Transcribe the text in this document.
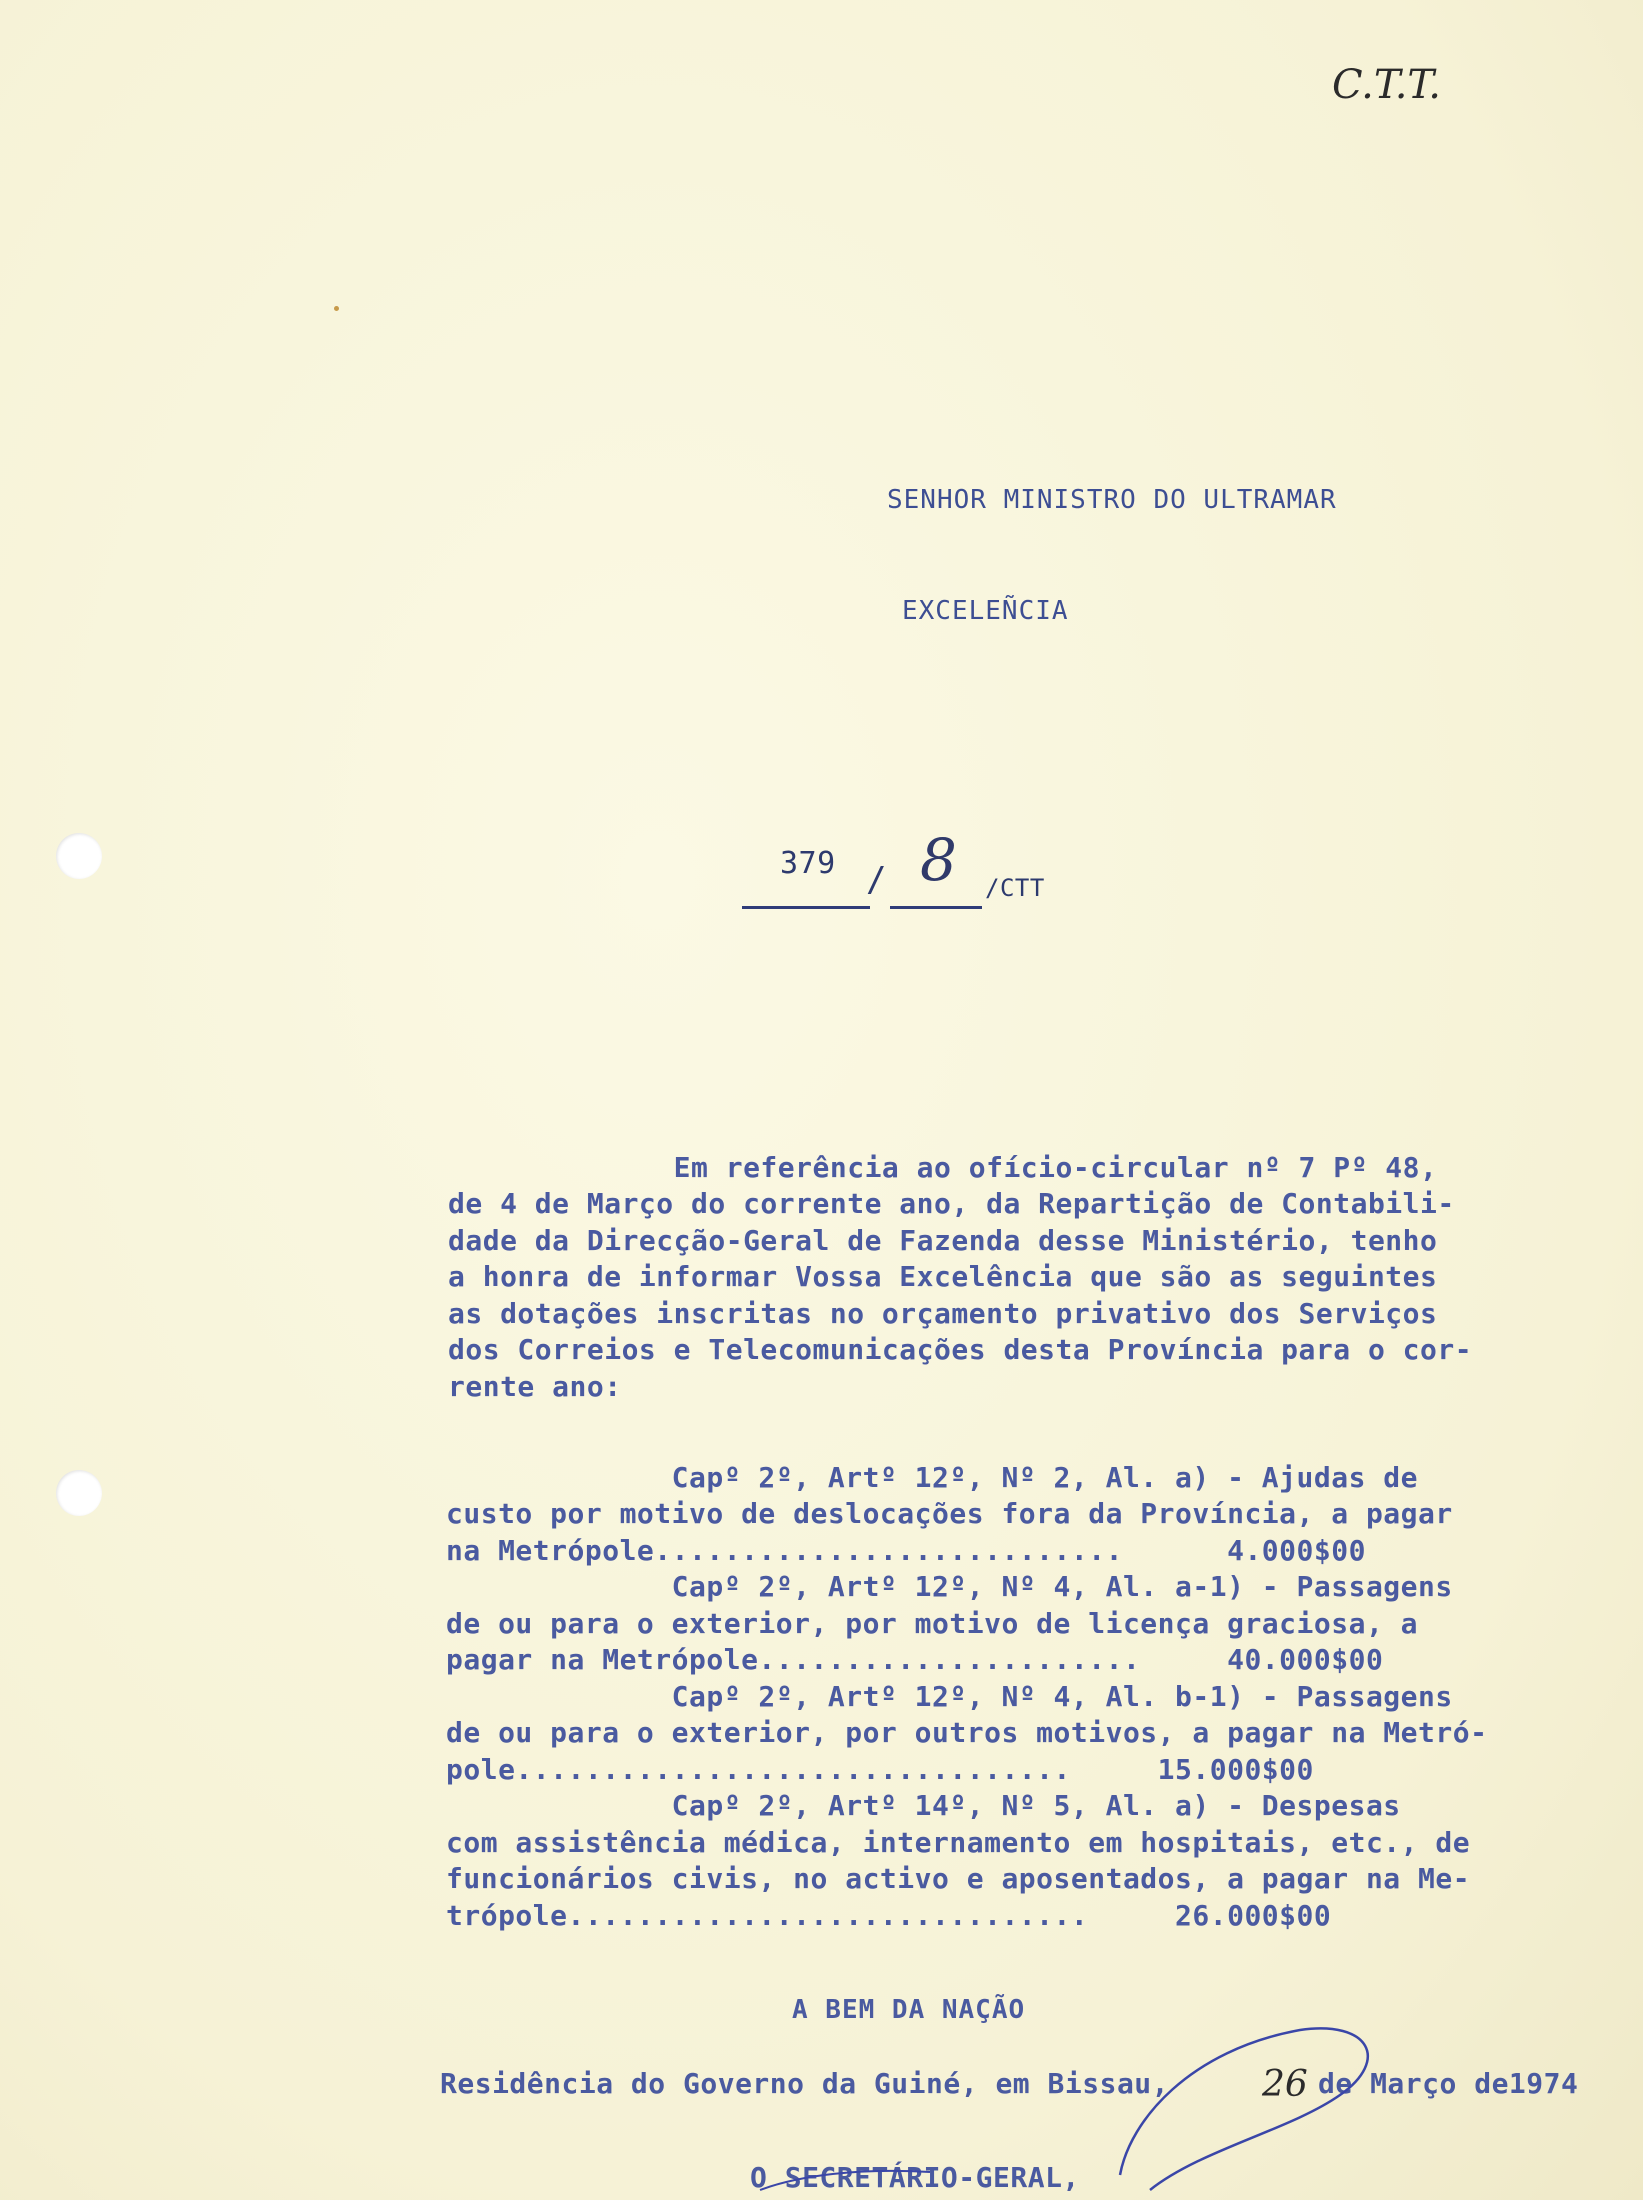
C.T.T.
SENHOR MINISTRO DO ULTRAMAR
EXCELEÑCIA
379 8 /CTT
/

Em referência ao ofício-circular nº 7 Pº 48,
de 4 de Março do corrente ano, da Repartição de Contabili-
dade da Direcção-Geral de Fazenda desse Ministério, tenho
a honra de informar Vossa Excelência que são as seguintes
as dotações inscritas no orçamento privativo dos Serviços
dos Correios e Telecomunicações desta Província para o cor-
rente ano:

Capº 2º, Artº 12º, Nº 2, Al. a) - Ajudas de
custo por motivo de deslocações fora da Província, a pagar
na Metrópole...........................      4.000$00
Capº 2º, Artº 12º, Nº 4, Al. a-1) - Passagens
de ou para o exterior, por motivo de licença graciosa, a
pagar na Metrópole......................     40.000$00
Capº 2º, Artº 12º, Nº 4, Al. b-1) - Passagens
de ou para o exterior, por outros motivos, a pagar na Metró-
pole................................     15.000$00
Capº 2º, Artº 14º, Nº 5, Al. a) - Despesas
com assistência médica, internamento em hospitais, etc., de
funcionários civis, no activo e aposentados, a pagar na Me-
trópole..............................     26.000$00
A BEM DA NAÇÃO
Residência do Governo da Guiné, em Bissau,	26 de Março de1974
O SECRETÁRIO-GERAL,
